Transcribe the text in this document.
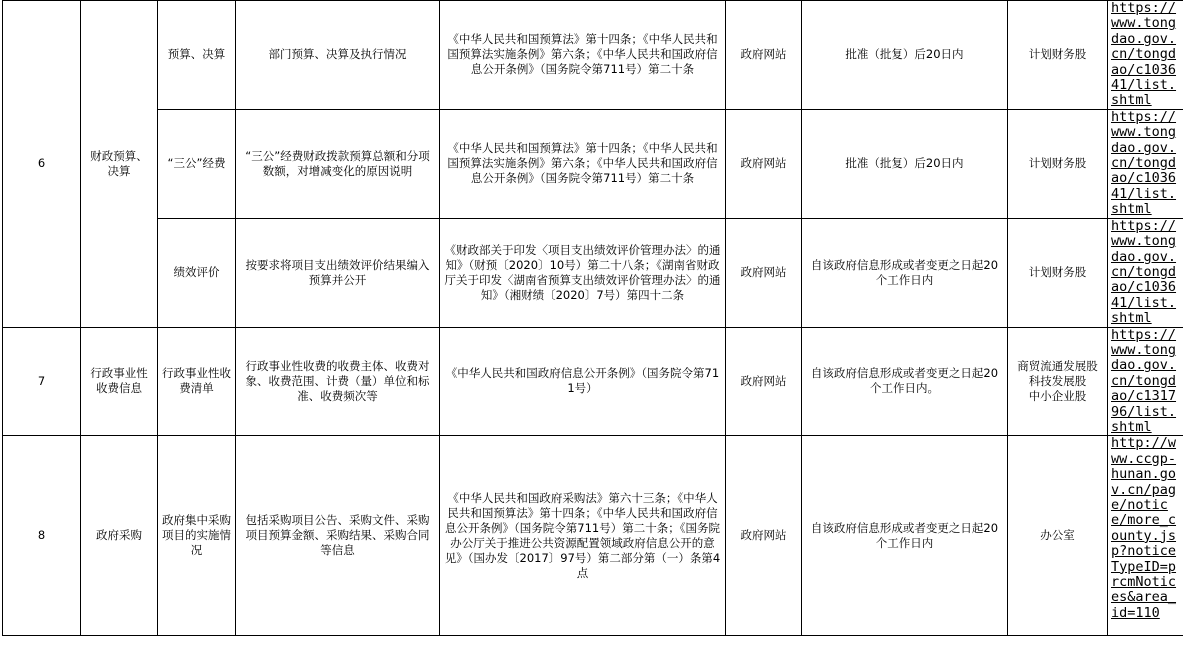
6	财政预算、决算	预算、决算	部门预算、决算及执行情况	《中华人民共和国预算法》第十四条；《中华人民共和国预算法实施条例》第六条；《中华人民共和国政府信息公开条例》（国务院令第711号）第二十条	政府网站	批准（批复）后20日内	计划财务股	https://www.tongdao.gov.cn/tongdao/c103641/list.shtml
		“三公”经费	“三公”经费财政拨款预算总额和分项数额，对增减变化的原因说明	《中华人民共和国预算法》第十四条；《中华人民共和国预算法实施条例》第六条；《中华人民共和国政府信息公开条例》（国务院令第711号）第二十条	政府网站	批准（批复）后20日内	计划财务股	https://www.tongdao.gov.cn/tongdao/c103641/list.shtml
		绩效评价	按要求将项目支出绩效评价结果编入预算并公开	《财政部关于印发〈项目支出绩效评价管理办法〉的通知》（财预〔2020〕10号）第二十八条；《湖南省财政厅关于印发〈湖南省预算支出绩效评价管理办法〉的通知》（湘财绩〔2020〕7号）第四十二条	政府网站	自该政府信息形成或者变更之日起20个工作日内	计划财务股	https://www.tongdao.gov.cn/tongdao/c103641/list.shtml
7	行政事业性收费信息	行政事业性收费清单	行政事业性收费的收费主体、收费对象、收费范围、计费（量）单位和标准、收费频次等	《中华人民共和国政府信息公开条例》（国务院令第711号）	政府网站	自该政府信息形成或者变更之日起20个工作日内。	商贸流通发展股
科技发展股
中小企业股	https://www.tongdao.gov.cn/tongdao/c131796/list.shtml
8	政府采购	政府集中采购项目的实施情况	包括采购项目公告、采购文件、采购项目预算金额、采购结果、采购合同等信息	《中华人民共和国政府采购法》第六十三条；《中华人民共和国预算法》第十四条；《中华人民共和国政府信息公开条例》（国务院令第711号）第二十条；《国务院办公厅关于推进公共资源配置领域政府信息公开的意见》（国办发〔2017〕97号）第二部分第（一）条第4点	政府网站	自该政府信息形成或者变更之日起20个工作日内	办公室	http://www.ccgp-hunan.gov.cn/page/notice/more_county.jsp?noticeTypeID=prcmNotices&area_id=110
